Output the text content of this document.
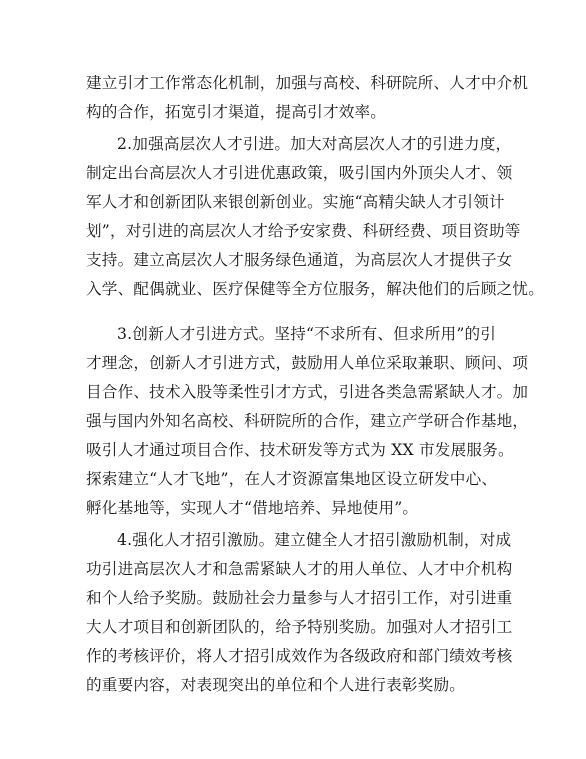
建立引才工作常态化机制，加强与高校、科研院所、人才中介机
构的合作，拓宽引才渠道，提高引才效率。
2.加强高层次人才引进。加大对高层次人才的引进力度，
制定出台高层次人才引进优惠政策，吸引国内外顶尖人才、领
军人才和创新团队来银创新创业。实施“高精尖缺人才引领计
划”，对引进的高层次人才给予安家费、科研经费、项目资助等
支持。建立高层次人才服务绿色通道，为高层次人才提供子女
入学、配偶就业、医疗保健等全方位服务，解决他们的后顾之忧。
3.创新人才引进方式。坚持“不求所有、但求所用”的引
才理念，创新人才引进方式，鼓励用人单位采取兼职、顾问、项
目合作、技术入股等柔性引才方式，引进各类急需紧缺人才。加
强与国内外知名高校、科研院所的合作，建立产学研合作基地，
吸引人才通过项目合作、技术研发等方式为 XX 市发展服务。
探索建立“人才飞地”，在人才资源富集地区设立研发中心、
孵化基地等，实现人才“借地培养、异地使用”。
4.强化人才招引激励。建立健全人才招引激励机制，对成
功引进高层次人才和急需紧缺人才的用人单位、人才中介机构
和个人给予奖励。鼓励社会力量参与人才招引工作，对引进重
大人才项目和创新团队的，给予特别奖励。加强对人才招引工
作的考核评价，将人才招引成效作为各级政府和部门绩效考核
的重要内容，对表现突出的单位和个人进行表彰奖励。
